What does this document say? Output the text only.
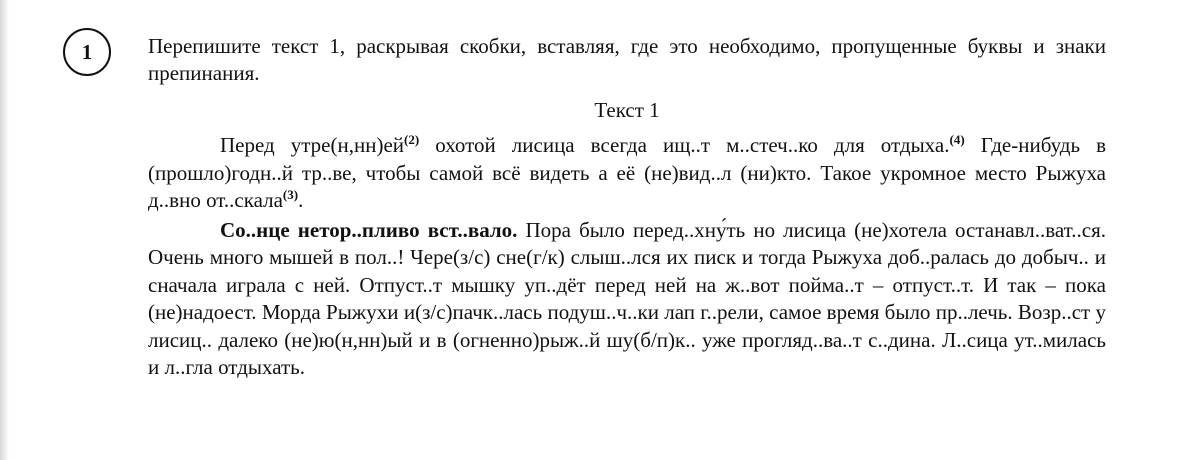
1	Перепишите текст 1, раскрывая скобки, вставляя, где это необходимо, пропущенные буквы и знаки препинания.

Текст 1

Перед утре(н,нн)ей$^{(2)}$ охотой лисица всегда ищ..т м..стеч..ко для отдыха.$^{(4)}$ Где-нибудь в (прошло)годн..й тр..ве, чтобы самой всё видеть а её (не)вид..л (ни)кто. Такое укромное место Рыжуха д..вно от..скала$^{(3)}$.

Со..нце нетор..пливо вст..вало. Пора было перед..хну́ть но лисица (не)хотела останавл..ват..ся. Очень много мышей в пол..! Чере(з/с) сне(г/к) слыш..лся их писк и тогда Рыжуха доб..ралась до добыч.. и сначала играла с ней. Отпуст..т мышку уп..дёт перед ней на ж..вот пойма..т – отпуст..т. И так – пока (не)надоест. Морда Рыжухи и(з/с)пачк..лась подуш..ч..ки лап г..рели, самое время было пр..лечь. Возр..ст у лисиц.. далеко (не)ю(н,нн)ый и в (огненно)рыж..й шу(б/п)к.. уже прогляд..ва..т с..дина. Л..сица ут..милась и л..гла отдыхать.
